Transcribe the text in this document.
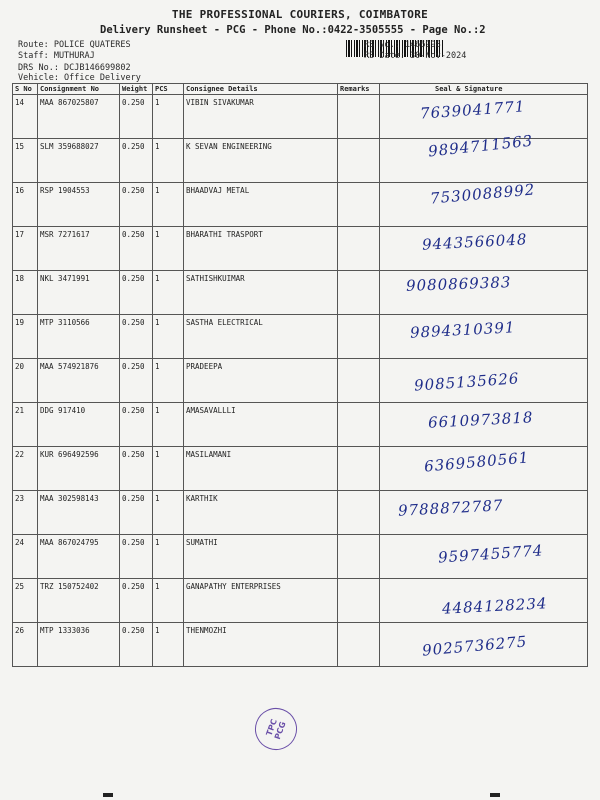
THE PROFESSIONAL COURIERS, COIMBATORE
Delivery Runsheet - PCG - Phone No.:0422-3505555 - Page No.:2
Route: POLICE QUATERES
Staff: MUTHURAJ
DRS No.: DCJB146699802
Vehicle: Office Delivery
RS No.: 1466998
RS Date: 30-Nov-2024
S No	Consignment No	Weight	PCS	Consignee Details	Remarks	Seal & Signature
14	MAA 867025807	0.250	1	VIBIN SIVAKUMAR		7639041771

15	SLM 359688027	0.250	1	K SEVAN ENGINEERING		9894711563

16	RSP 1904553	0.250	1	BHAADVAJ METAL		7530088992

17	MSR 7271617	0.250	1	BHARATHI TRASPORT		9443566048

18	NKL 3471991	0.250	1	SATHISHKUIMAR		9080869383

19	MTP 3110566	0.250	1	SASTHA ELECTRICAL		9894310391

20	MAA 574921876	0.250	1	PRADEEPA		9085135626

21	DDG 917410	0.250	1	AMASAVALLLI		6610973818

22	KUR 696492596	0.250	1	MASILAMANI		6369580561

23	MAA 302598143	0.250	1	KARTHIK		9788872787

24	MAA 867024795	0.250	1	SUMATHI		9597455774

25	TRZ 150752402	0.250	1	GANAPATHY ENTERPRISES		4484128234

26	MTP 1333036	0.250	1	THENMOZHI		9025736275
TPC PCG
